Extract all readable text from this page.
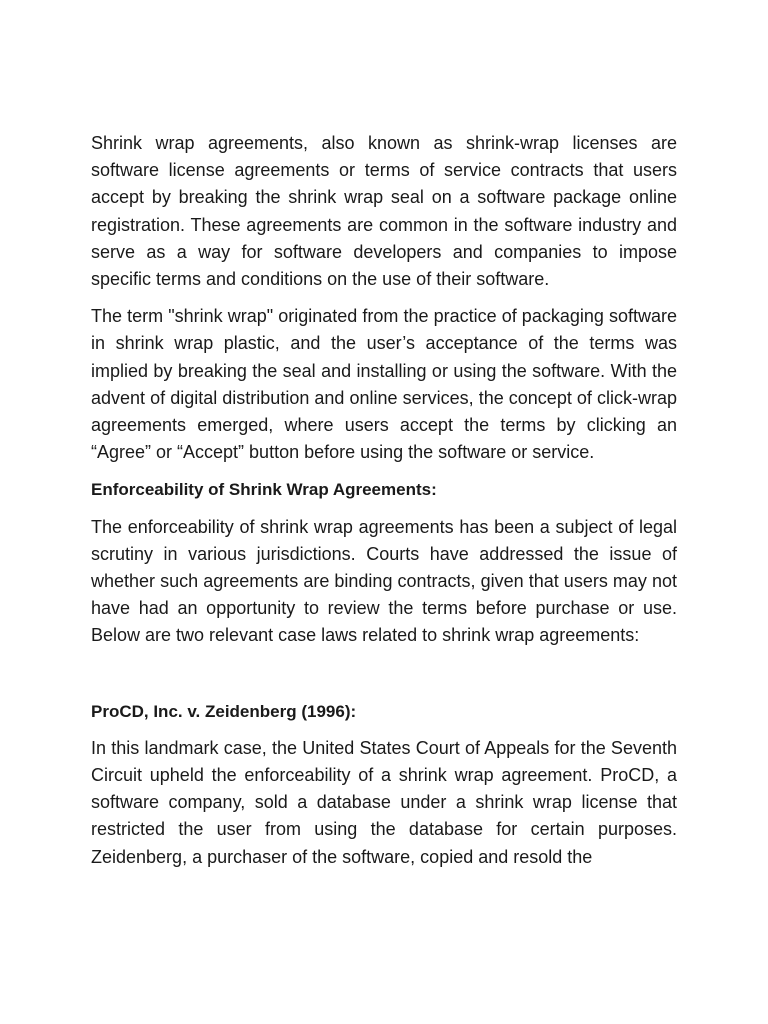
Shrink wrap agreements, also known as shrink-wrap licenses are software license agreements or terms of service contracts that users accept by breaking the shrink wrap seal on a software package online registration. These agreements are common in the software industry and serve as a way for software developers and companies to impose specific terms and conditions on the use of their software.

The term "shrink wrap" originated from the practice of packaging software in shrink wrap plastic, and the user’s acceptance of the terms was implied by breaking the seal and installing or using the software. With the advent of digital distribution and online services, the concept of click-wrap agreements emerged, where users accept the terms by clicking an “Agree” or “Accept” button before using the software or service.

Enforceability of Shrink Wrap Agreements:

The enforceability of shrink wrap agreements has been a subject of legal scrutiny in various jurisdictions. Courts have addressed the issue of whether such agreements are binding contracts, given that users may not have had an opportunity to review the terms before purchase or use. Below are two relevant case laws related to shrink wrap agreements:

ProCD, Inc. v. Zeidenberg (1996):

In this landmark case, the United States Court of Appeals for the Seventh Circuit upheld the enforceability of a shrink wrap agreement. ProCD, a software company, sold a database under a shrink wrap license that restricted the user from using the database for certain purposes. Zeidenberg, a purchaser of the software, copied and resold the
